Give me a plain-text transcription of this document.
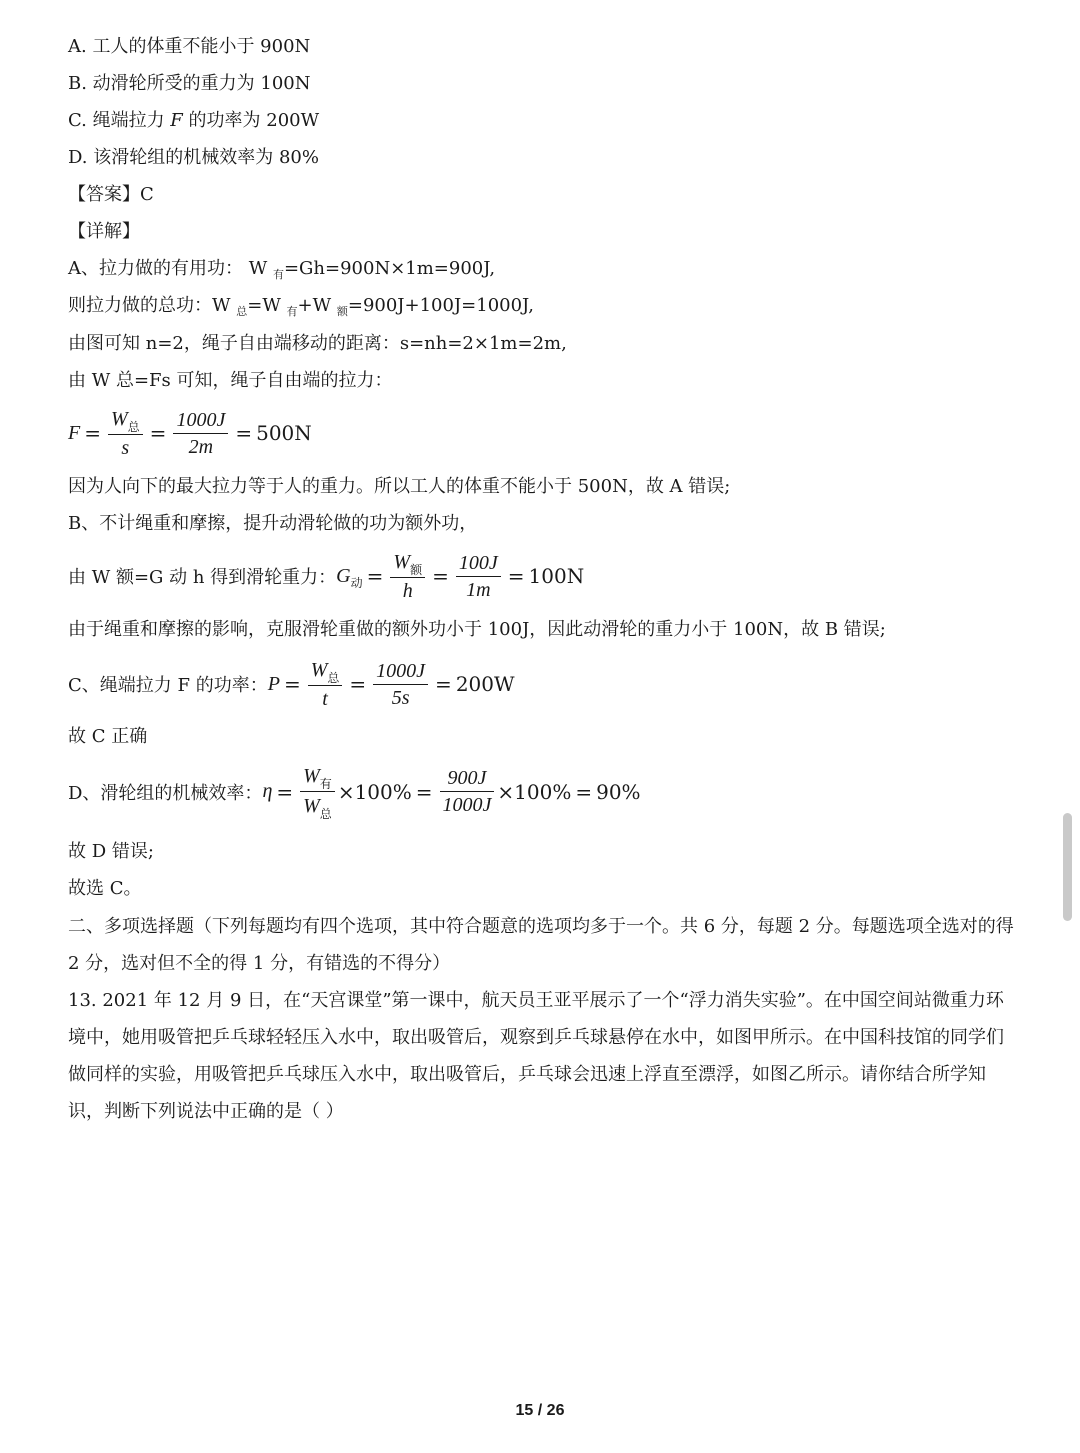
A. 工人的体重不能小于 900N
B. 动滑轮所受的重力为 100N
C. 绳端拉力 F 的功率为 200W
D. 该滑轮组的机械效率为 80%
【答案】C
【详解】
A、拉力做的有用功： W $_有$=Gh=900N×1m=900J,
则拉力做的总功：W $_总$=W $_有$+W $_额$=900J+100J=1000J,
由图可知 n=2，绳子自由端移动的距离：s=nh=2×1m=2m,
由 W 总=Fs 可知，绳子自由端的拉力：
$F = \frac{W_总}{s} = \frac{1000J}{2m} = 500N$
因为人向下的最大拉力等于人的重力。所以工人的体重不能小于 500N，故 A 错误;
B、不计绳重和摩擦，提升动滑轮做的功为额外功，
由 W 额=G 动 h 得到滑轮重力： G 动 = $\frac{W_额}{h} = \frac{100J}{1m} = 100N$
由于绳重和摩擦的影响，克服滑轮重做的额外功小于 100J，因此动滑轮的重力小于 100N，故 B 错误;
C、绳端拉力 F 的功率： $P = \frac{W_总}{t} = \frac{1000J}{5s} = 200W$
故 C 正确
D、滑轮组的机械效率： $\eta = \frac{W_有}{W_总} \times 100\% = \frac{900J}{1000J} \times 100\% = 90\%$
故 D 错误;
故选 C。
二、多项选择题（下列每题均有四个选项，其中符合题意的选项均多于一个。共 6 分，每题 2 分。每题选项全选对的得 2 分，选对但不全的得 1 分，有错选的不得分）
13. 2021 年 12 月 9 日，在“天宫课堂”第一课中，航天员王亚平展示了一个“浮力消失实验”。在中国空间站微重力环境中，她用吸管把乒乓球轻轻压入水中，取出吸管后，观察到乒乓球悬停在水中，如图甲所示。在中国科技馆的同学们做同样的实验，用吸管把乒乓球压入水中，取出吸管后，乒乓球会迅速上浮直至漂浮，如图乙所示。请你结合所学知识，判断下列说法中正确的是（ ）
15 / 26
